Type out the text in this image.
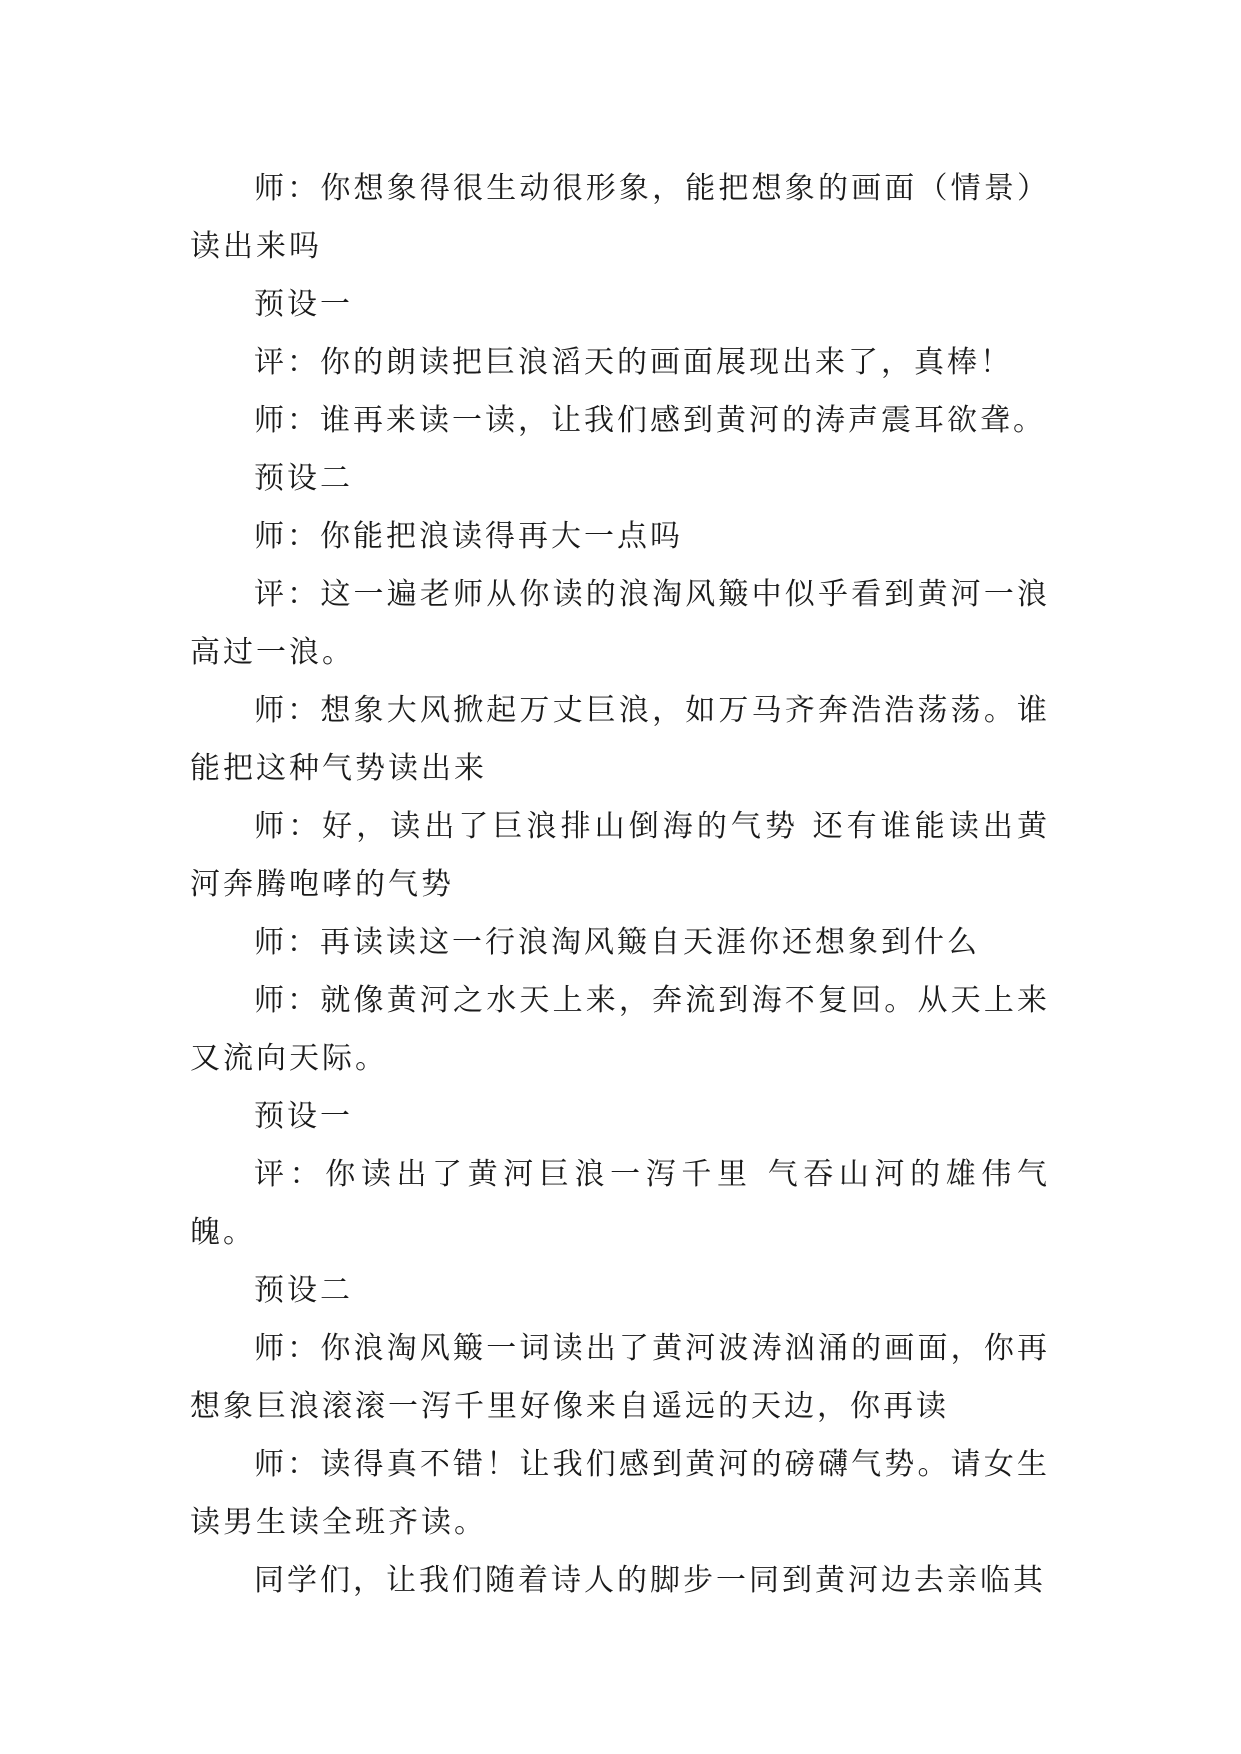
师：你想象得很生动很形象，能把想象的画面（情景）读出来吗

预设一

评：你的朗读把巨浪滔天的画面展现出来了，真棒！

师：谁再来读一读，让我们感到黄河的涛声震耳欲聋。

预设二

师：你能把浪读得再大一点吗

评：这一遍老师从你读的浪淘风簸中似乎看到黄河一浪高过一浪。

师：想象大风掀起万丈巨浪，如万马齐奔浩浩荡荡。谁能把这种气势读出来

师：好，读出了巨浪排山倒海的气势 还有谁能读出黄河奔腾咆哮的气势

师：再读读这一行浪淘风簸自天涯你还想象到什么

师：就像黄河之水天上来，奔流到海不复回。从天上来又流向天际。

预设一

评：你读出了黄河巨浪一泻千里 气吞山河的雄伟气魄。

预设二

师：你浪淘风簸一词读出了黄河波涛汹涌的画面，你再想象巨浪滚滚一泻千里好像来自遥远的天边，你再读

师：读得真不错！让我们感到黄河的磅礴气势。请女生读男生读全班齐读。

同学们，让我们随着诗人的脚步一同到黄河边去亲临其
